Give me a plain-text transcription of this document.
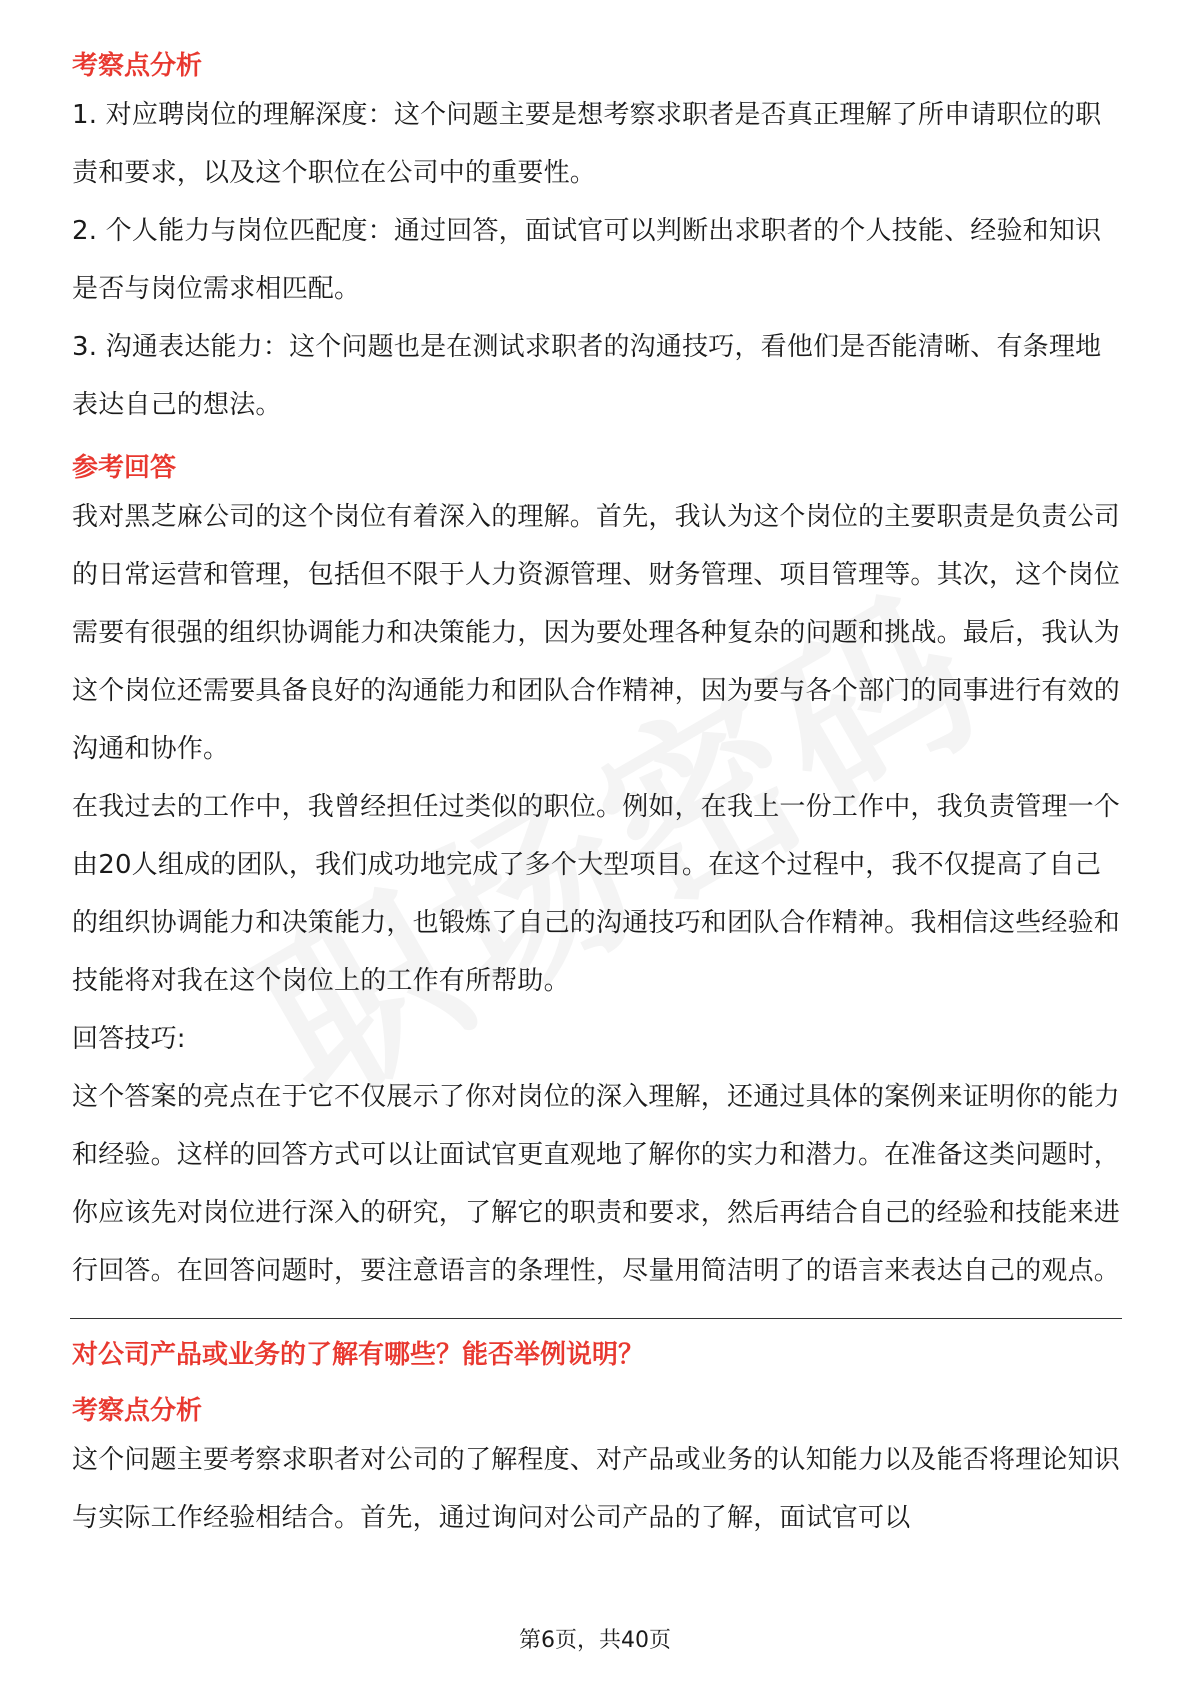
考察点分析
1. 对应聘岗位的理解深度：这个问题主要是想考察求职者是否真正理解了所申请职位的职责和要求，以及这个职位在公司中的重要性。
2. 个人能力与岗位匹配度：通过回答，面试官可以判断出求职者的个人技能、经验和知识是否与岗位需求相匹配。
3. 沟通表达能力：这个问题也是在测试求职者的沟通技巧，看他们是否能清晰、有条理地表达自己的想法。
参考回答
我对黑芝麻公司的这个岗位有着深入的理解。首先，我认为这个岗位的主要职责是负责公司的日常运营和管理，包括但不限于人力资源管理、财务管理、项目管理等。其次，这个岗位需要有很强的组织协调能力和决策能力，因为要处理各种复杂的问题和挑战。最后，我认为这个岗位还需要具备良好的沟通能力和团队合作精神，因为要与各个部门的同事进行有效的沟通和协作。
在我过去的工作中，我曾经担任过类似的职位。例如，在我上一份工作中，我负责管理一个由20人组成的团队，我们成功地完成了多个大型项目。在这个过程中，我不仅提高了自己的组织协调能力和决策能力，也锻炼了自己的沟通技巧和团队合作精神。我相信这些经验和技能将对我在这个岗位上的工作有所帮助。
回答技巧:
这个答案的亮点在于它不仅展示了你对岗位的深入理解，还通过具体的案例来证明你的能力和经验。这样的回答方式可以让面试官更直观地了解你的实力和潜力。在准备这类问题时，你应该先对岗位进行深入的研究，了解它的职责和要求，然后再结合自己的经验和技能来进行回答。在回答问题时，要注意语言的条理性，尽量用简洁明了的语言来表达自己的观点。
对公司产品或业务的了解有哪些？能否举例说明？
考察点分析
这个问题主要考察求职者对公司的了解程度、对产品或业务的认知能力以及能否将理论知识与实际工作经验相结合。首先，通过询问对公司产品的了解，面试官可以
第6页，共40页
